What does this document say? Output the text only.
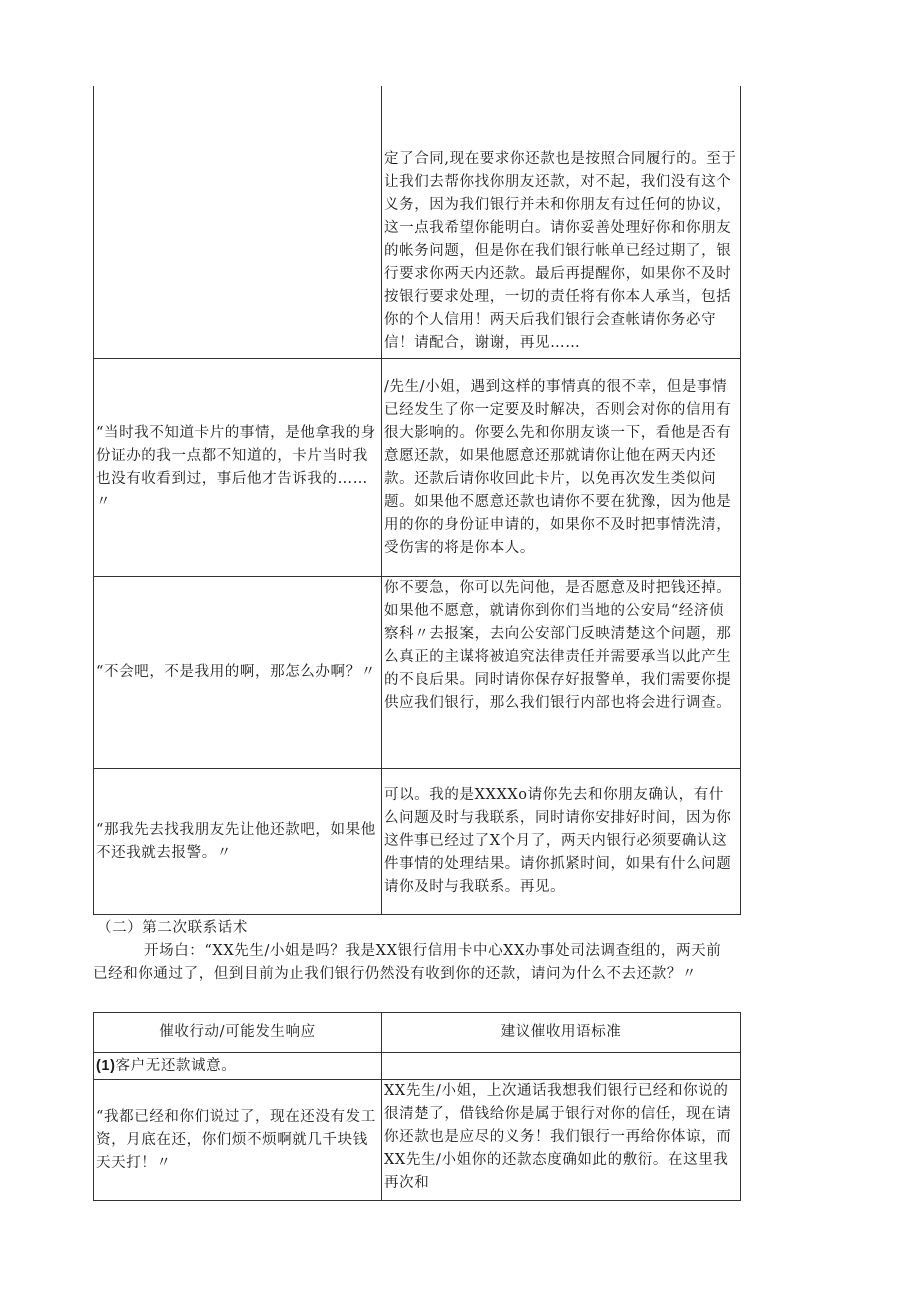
	定了合同,现在要求你还款也是按照合同履行的。至于让我们去帮你找你朋友还款，对不起，我们没有这个义务，因为我们银行并未和你朋友有过任何的协议，这一点我希望你能明白。请你妥善处理好你和你朋友的帐务问题，但是你在我们银行帐单已经过期了，银行要求你两天内还款。最后再提醒你，如果你不及时按银行要求处理，一切的责任将有你本人承当，包括你的个人信用！两天后我们银行会查帐请你务必守信！请配合，谢谢，再见……
“当时我不知道卡片的事情，是他拿我的身份证办的我一点都不知道的，卡片当时我也没有收看到过，事后他才告诉我的……〃	/先生/小姐，遇到这样的事情真的很不幸，但是事情已经发生了你一定要及时解决，否则会对你的信用有很大影响的。你要么先和你朋友谈一下，看他是否有意愿还款，如果他愿意还那就请你让他在两天内还款。还款后请你收回此卡片，以免再次发生类似问题。如果他不愿意还款也请你不要在犹豫，因为他是用的你的身份证申请的，如果你不及时把事情洗清，受伤害的将是你本人。
“不会吧，不是我用的啊，那怎么办啊？〃	你不要急，你可以先问他，是否愿意及时把钱还掉。如果他不愿意，就请你到你们当地的公安局“经济侦察科〃去报案，去向公安部门反映清楚这个问题，那么真正的主谋将被追究法律责任并需要承当以此产生的不良后果。同时请你保存好报警单，我们需要你提供应我们银行，那么我们银行内部也将会进行调查。
“那我先去找我朋友先让他还款吧，如果他不还我就去报警。〃	可以。我的是XXXXo请你先去和你朋友确认，有什么问题及时与我联系，同时请你安排好时间，因为你这件事已经过了X个月了，两天内银行必须要确认这件事情的处理结果。请你抓紧时间，如果有什么问题请你及时与我联系。再见。
（二）第二次联系话术
开场白：“XX先生/小姐是吗？我是XX银行信用卡中心XX办事处司法调查组的，两天前已经和你通过了，但到目前为止我们银行仍然没有收到你的还款，请问为什么不去还款？〃
催收行动/可能发生响应	建议催收用语标准
(1)客户无还款诚意。	
“我都已经和你们说过了，现在还没有发工资，月底在还，你们烦不烦啊就几千块钱天天打！〃	XX先生/小姐，上次通话我想我们银行已经和你说的很清楚了，借钱给你是属于银行对你的信任，现在请你还款也是应尽的义务！我们银行一再给你体谅，而XX先生/小姐你的还款态度确如此的敷衍。在这里我再次和
